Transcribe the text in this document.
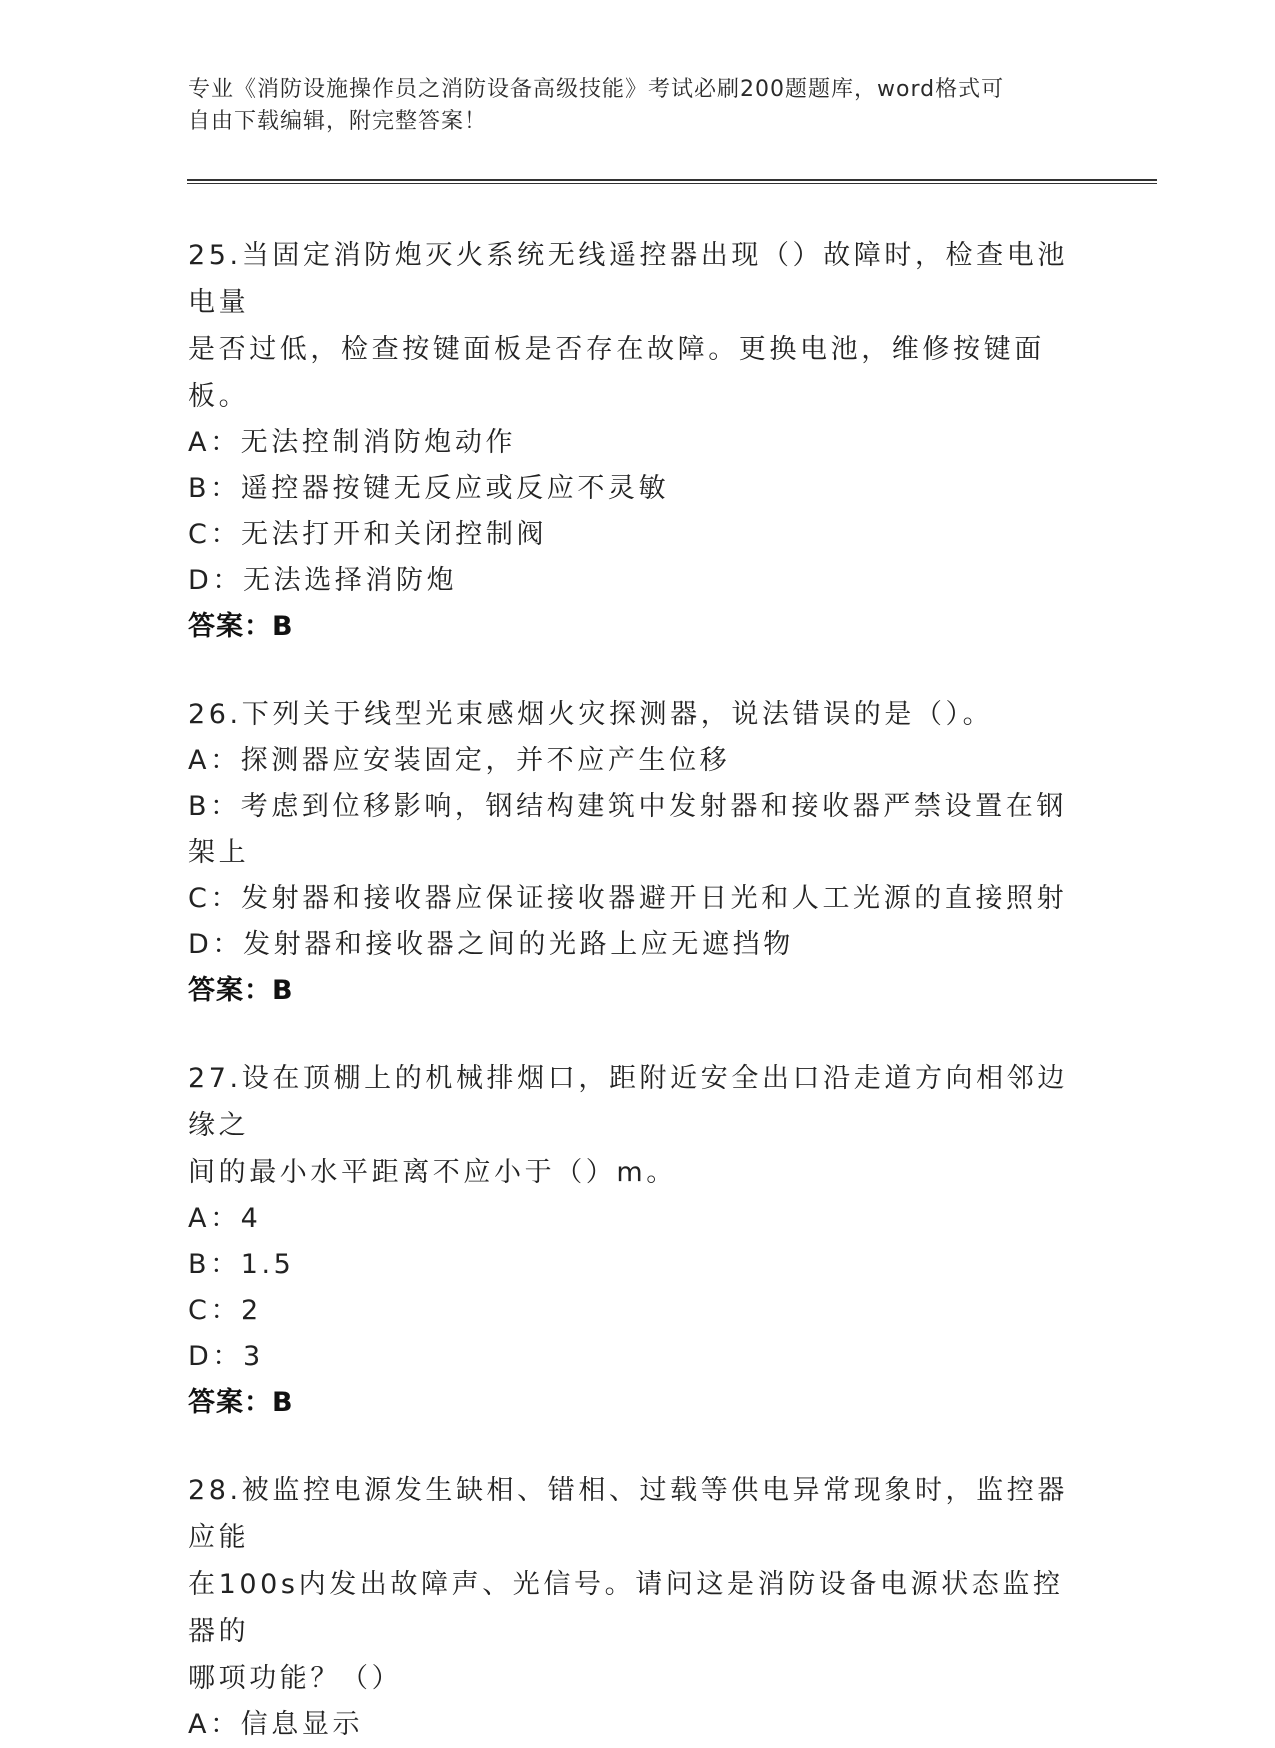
专业《消防设施操作员之消防设备高级技能》考试必刷200题题库，word格式可
自由下载编辑，附完整答案！

25.当固定消防炮灭火系统无线遥控器出现（）故障时，检查电池电量

是否过低，检查按键面板是否存在故障。更换电池，维修按键面板。

A：无法控制消防炮动作

B：遥控器按键无反应或反应不灵敏

C：无法打开和关闭控制阀

D：无法选择消防炮

答案：B

26.下列关于线型光束感烟火灾探测器，说法错误的是（）。

A：探测器应安装固定，并不应产生位移

B：考虑到位移影响，钢结构建筑中发射器和接收器严禁设置在钢架上

C：发射器和接收器应保证接收器避开日光和人工光源的直接照射

D：发射器和接收器之间的光路上应无遮挡物

答案：B

27.设在顶棚上的机械排烟口，距附近安全出口沿走道方向相邻边缘之

间的最小水平距离不应小于（）m。

A：4

B：1.5

C：2

D：3

答案：B

28.被监控电源发生缺相、错相、过载等供电异常现象时，监控器应能

在100s内发出故障声、光信号。请问这是消防设备电源状态监控器的

哪项功能？（）

A：信息显示
